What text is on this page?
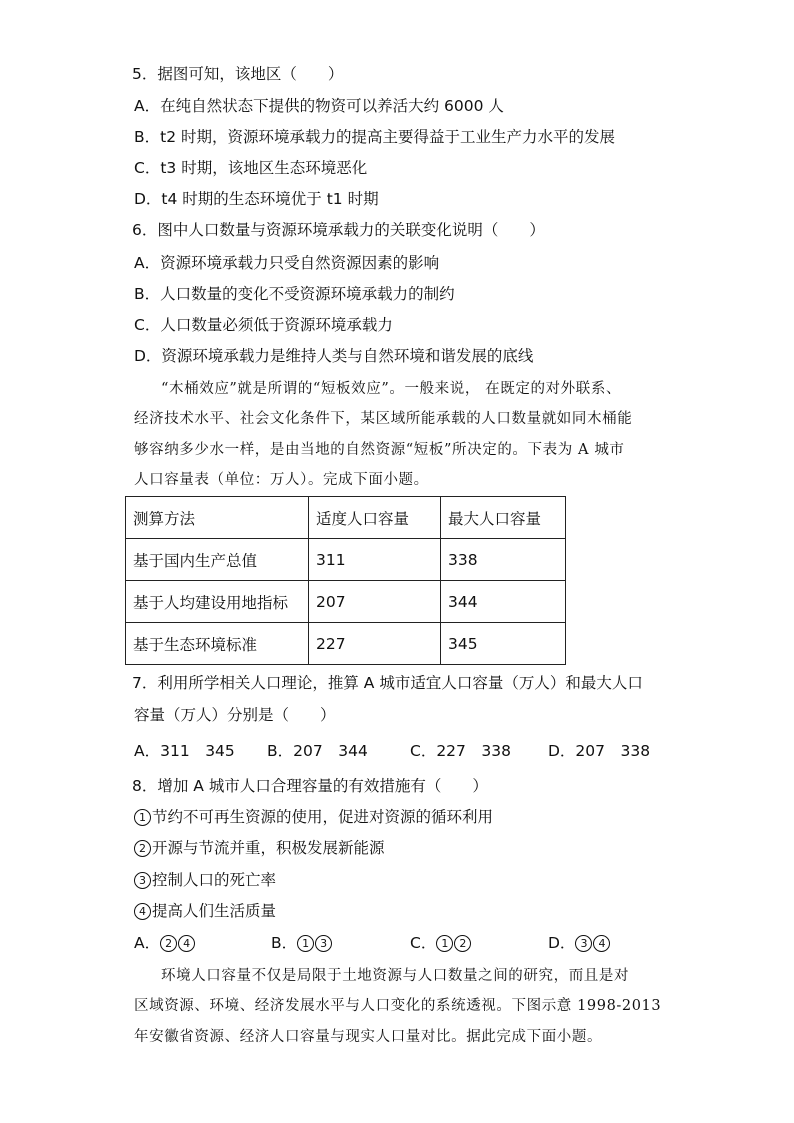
5．据图可知，该地区（　　）
A．在纯自然状态下提供的物资可以养活大约 6000 人
B．t2 时期，资源环境承载力的提高主要得益于工业生产力水平的发展
C．t3 时期，该地区生态环境恶化
D．t4 时期的生态环境优于 t1 时期
6．图中人口数量与资源环境承载力的关联变化说明（　　）
A．资源环境承载力只受自然资源因素的影响
B．人口数量的变化不受资源环境承载力的制约
C．人口数量必须低于资源环境承载力
D．资源环境承载力是维持人类与自然环境和谐发展的底线
“木桶效应”就是所谓的“短板效应”。一般来说， 在既定的对外联系、
经济技术水平、社会文化条件下，某区域所能承载的人口数量就如同木桶能
够容纳多少水一样，是由当地的自然资源“短板”所决定的。下表为 A 城市
人口容量表（单位：万人）。完成下面小题。
测算方法	适度人口容量	最大人口容量
基于国内生产总值	311	338
基于人均建设用地指标	207	344
基于生态环境标准	227	345
7．利用所学相关人口理论，推算 A 城市适宜人口容量（万人）和最大人口
容量（万人）分别是（　　）
A．311　345 B．207　344	C．227　338 D．207　338
8．增加 A 城市人口合理容量的有效措施有（　　）
1 节约不可再生资源的使用，促进对资源的循环利用
2 开源与节流并重，积极发展新能源
3 控制人口的死亡率
4 提高人们生活质量
A． 2 4	B． 1 3	C． 1 2	D． 3 4
环境人口容量不仅是局限于土地资源与人口数量之间的研究，而且是对
区域资源、环境、经济发展水平与人口变化的系统透视。下图示意 1998-2013
年安徽省资源、经济人口容量与现实人口量对比。据此完成下面小题。
